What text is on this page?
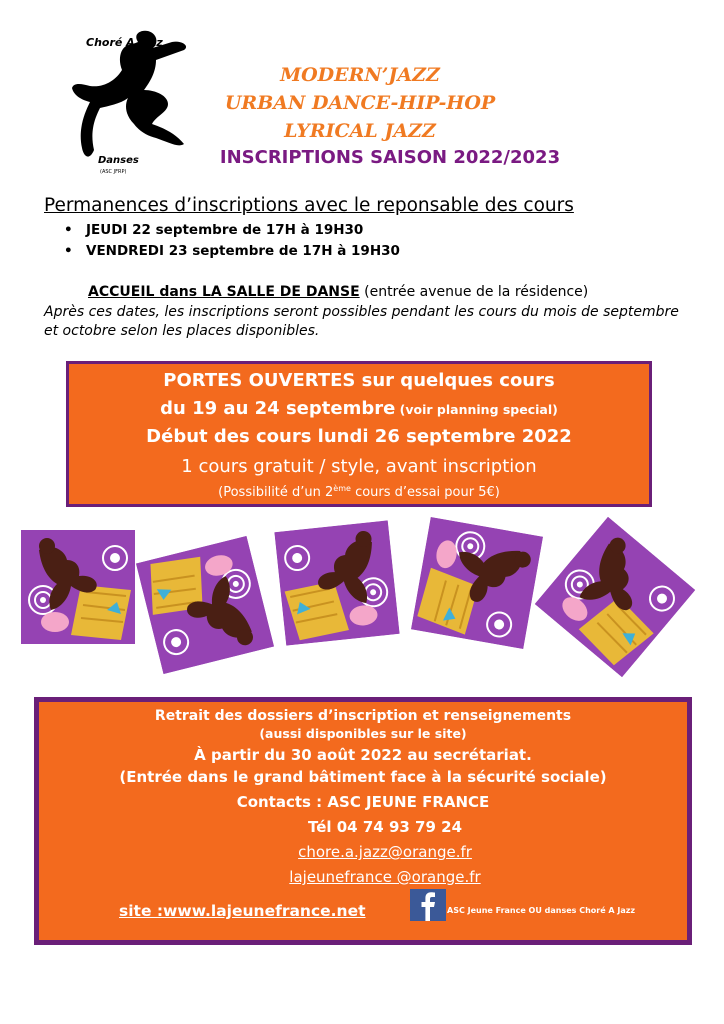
Choré A Jazz
Danses
(ASC JFRP)
MODERN’JAZZ
URBAN DANCE-HIP-HOP
LYRICAL JAZZ
INSCRIPTIONS SAISON 2022/2023
Permanences d’inscriptions avec le reponsable des cours
• JEUDI 22 septembre de 17H à 19H30
• VENDREDI 23 septembre de 17H à 19H30
ACCUEIL dans LA SALLE DE DANSE (entrée avenue de la résidence)
Après ces dates, les inscriptions seront possibles pendant les cours du mois de septembre et octobre selon les places disponibles.
PORTES OUVERTES sur quelques cours
du 19 au 24 septembre (voir planning special)
Début des cours lundi 26 septembre 2022
1 cours gratuit / style, avant inscription
(Possibilité d’un 2ème cours d’essai pour 5€)
Retrait des dossiers d’inscription et renseignements
(aussi disponibles sur le site)
À partir du 30 août 2022 au secrétariat.
(Entrée dans le grand bâtiment face à la sécurité sociale)
Contacts : ASC JEUNE FRANCE
Tél 04 74 93 79 24
chore.a.jazz@orange.fr
lajeunefrance @orange.fr
site :www.lajeunefrance.net	ASC Jeune France OU danses Choré A Jazz
